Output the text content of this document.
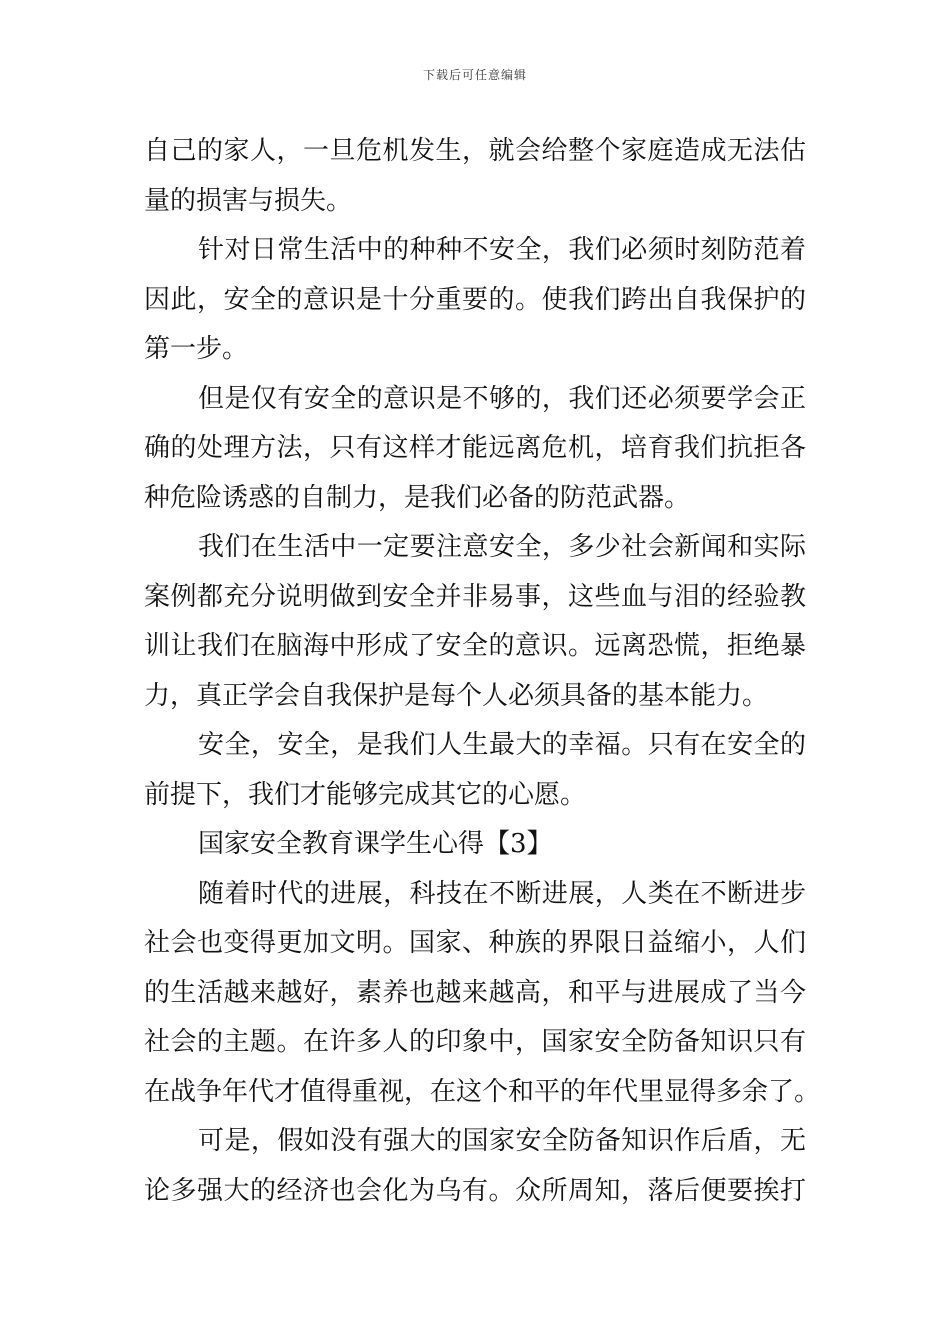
下载后可任意编辑
自己的家人，一旦危机发生，就会给整个家庭造成无法估
量的损害与损失。
针对日常生活中的种种不安全，我们必须时刻防范着
因此，安全的意识是十分重要的。使我们跨出自我保护的
第一步。
但是仅有安全的意识是不够的，我们还必须要学会正
确的处理方法，只有这样才能远离危机，培育我们抗拒各
种危险诱惑的自制力，是我们必备的防范武器。
我们在生活中一定要注意安全，多少社会新闻和实际
案例都充分说明做到安全并非易事，这些血与泪的经验教
训让我们在脑海中形成了安全的意识。远离恐慌，拒绝暴
力，真正学会自我保护是每个人必须具备的基本能力。
安全，安全，是我们人生最大的幸福。只有在安全的
前提下，我们才能够完成其它的心愿。
国家安全教育课学生心得【3】
随着时代的进展，科技在不断进展，人类在不断进步
社会也变得更加文明。国家、种族的界限日益缩小，人们
的生活越来越好，素养也越来越高，和平与进展成了当今
社会的主题。在许多人的印象中，国家安全防备知识只有
在战争年代才值得重视，在这个和平的年代里显得多余了。
可是，假如没有强大的国家安全防备知识作后盾，无
论多强大的经济也会化为乌有。众所周知，落后便要挨打
